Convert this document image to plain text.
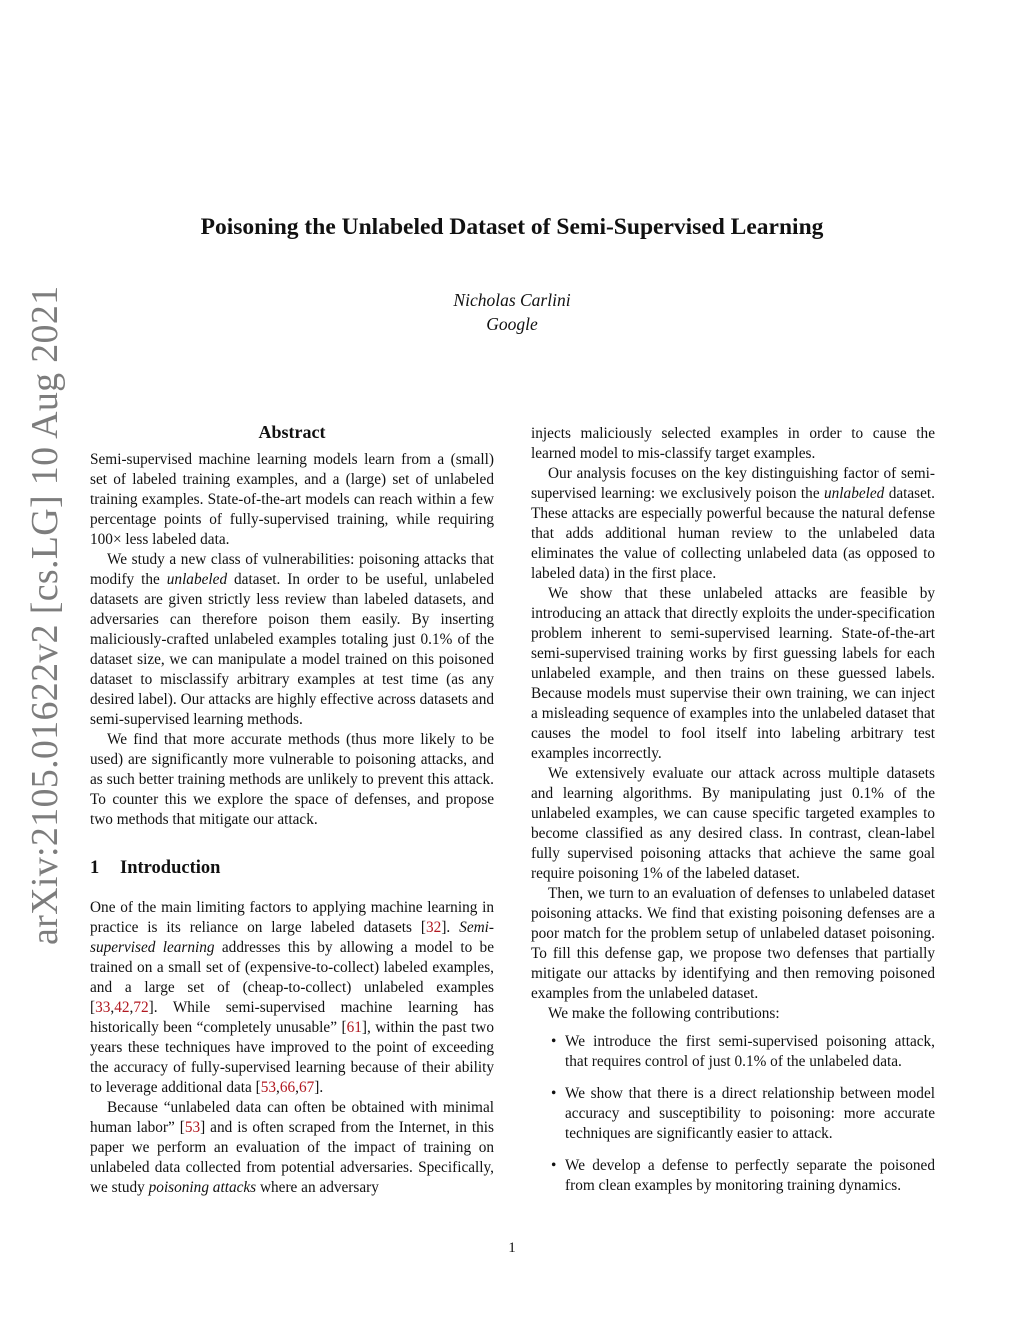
arXiv:2105.01622v2 [cs.LG] 10 Aug 2021
Poisoning the Unlabeled Dataset of Semi-Supervised Learning
Nicholas Carlini
Google
Abstract

Semi-supervised machine learning models learn from a (small) set of labeled training examples, and a (large) set of unlabeled training examples. State-of-the-art models can reach within a few percentage points of fully-supervised training, while requiring 100× less labeled data.

We study a new class of vulnerabilities: poisoning attacks that modify the unlabeled dataset. In order to be useful, unlabeled datasets are given strictly less review than labeled datasets, and adversaries can therefore poison them easily. By inserting maliciously-crafted unlabeled examples totaling just 0.1% of the dataset size, we can manipulate a model trained on this poisoned dataset to misclassify arbitrary examples at test time (as any desired label). Our attacks are highly effective across datasets and semi-supervised learning methods.

We find that more accurate methods (thus more likely to be used) are significantly more vulnerable to poisoning attacks, and as such better training methods are unlikely to prevent this attack. To counter this we explore the space of defenses, and propose two methods that mitigate our attack.

1 Introduction

One of the main limiting factors to applying machine learning in practice is its reliance on large labeled datasets [32]. Semi-supervised learning addresses this by allowing a model to be trained on a small set of (expensive-to-collect) labeled examples, and a large set of (cheap-to-collect) unlabeled examples [33,42,72]. While semi-supervised machine learning has historically been “completely unusable” [61], within the past two years these techniques have improved to the point of exceeding the accuracy of fully-supervised learning because of their ability to leverage additional data [53,66,67].

Because “unlabeled data can often be obtained with minimal human labor” [53] and is often scraped from the Internet, in this paper we perform an evaluation of the impact of training on unlabeled data collected from potential adversaries. Specifically, we study poisoning attacks where an adversary

injects maliciously selected examples in order to cause the learned model to mis-classify target examples.

Our analysis focuses on the key distinguishing factor of semi-supervised learning: we exclusively poison the unlabeled dataset. These attacks are especially powerful because the natural defense that adds additional human review to the unlabeled data eliminates the value of collecting unlabeled data (as opposed to labeled data) in the first place.

We show that these unlabeled attacks are feasible by introducing an attack that directly exploits the under-specification problem inherent to semi-supervised learning. State-of-the-art semi-supervised training works by first guessing labels for each unlabeled example, and then trains on these guessed labels. Because models must supervise their own training, we can inject a misleading sequence of examples into the unlabeled dataset that causes the model to fool itself into labeling arbitrary test examples incorrectly.

We extensively evaluate our attack across multiple datasets and learning algorithms. By manipulating just 0.1% of the unlabeled examples, we can cause specific targeted examples to become classified as any desired class. In contrast, clean-label fully supervised poisoning attacks that achieve the same goal require poisoning 1% of the labeled dataset.

Then, we turn to an evaluation of defenses to unlabeled dataset poisoning attacks. We find that existing poisoning defenses are a poor match for the problem setup of unlabeled dataset poisoning. To fill this defense gap, we propose two defenses that partially mitigate our attacks by identifying and then removing poisoned examples from the unlabeled dataset.

We make the following contributions:

• We introduce the first semi-supervised poisoning attack, that requires control of just 0.1% of the unlabeled data.
• We show that there is a direct relationship between model accuracy and susceptibility to poisoning: more accurate techniques are significantly easier to attack.
• We develop a defense to perfectly separate the poisoned from clean examples by monitoring training dynamics.
1
